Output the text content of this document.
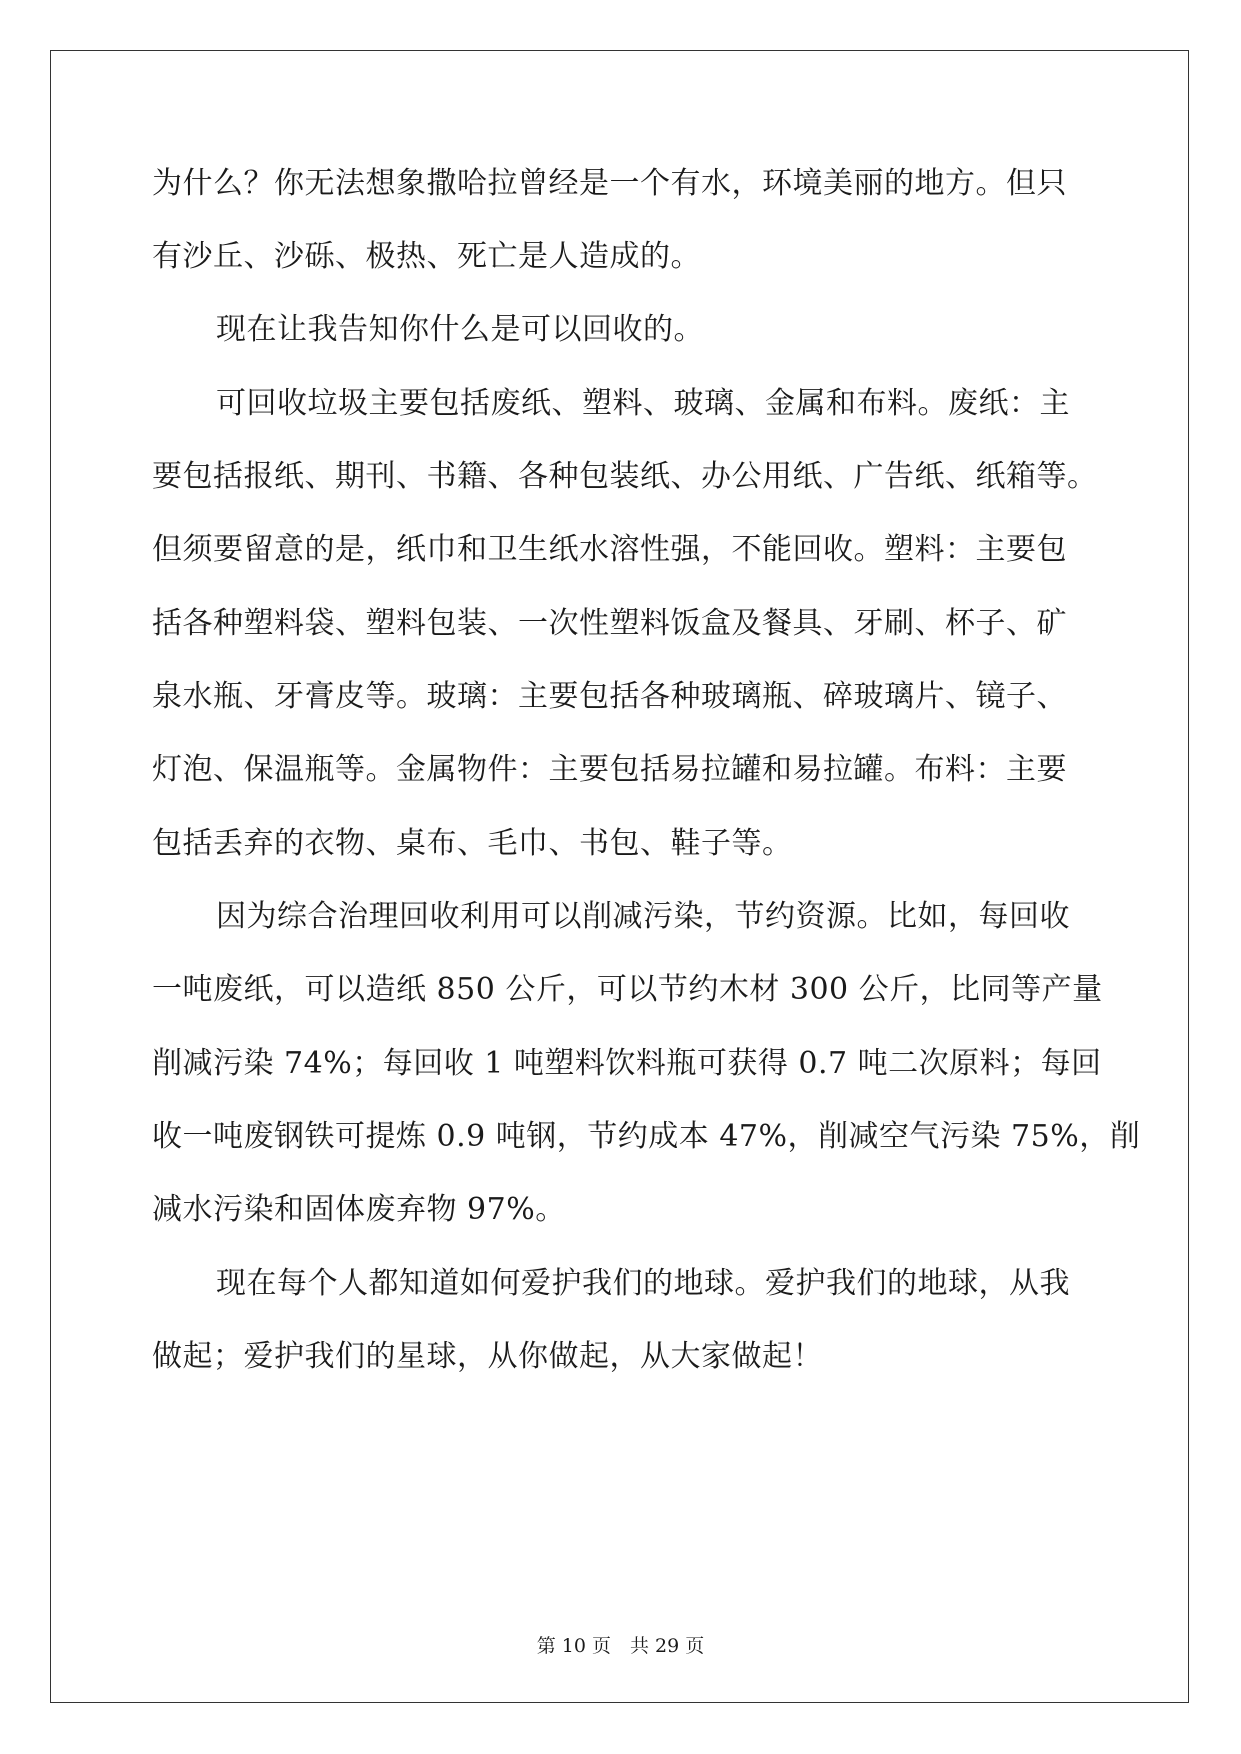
为什么？你无法想象撒哈拉曾经是一个有水，环境美丽的地方。但只
有沙丘、沙砾、极热、死亡是人造成的。
现在让我告知你什么是可以回收的。
可回收垃圾主要包括废纸、塑料、玻璃、金属和布料。废纸：主
要包括报纸、期刊、书籍、各种包装纸、办公用纸、广告纸、纸箱等。
但须要留意的是，纸巾和卫生纸水溶性强，不能回收。塑料：主要包
括各种塑料袋、塑料包装、一次性塑料饭盒及餐具、牙刷、杯子、矿
泉水瓶、牙膏皮等。玻璃：主要包括各种玻璃瓶、碎玻璃片、镜子、
灯泡、保温瓶等。金属物件：主要包括易拉罐和易拉罐。布料：主要
包括丢弃的衣物、桌布、毛巾、书包、鞋子等。
因为综合治理回收利用可以削减污染，节约资源。比如，每回收
一吨废纸，可以造纸 850 公斤，可以节约木材 300 公斤，比同等产量
削减污染 74%；每回收 1 吨塑料饮料瓶可获得 0.7 吨二次原料；每回
收一吨废钢铁可提炼 0.9 吨钢，节约成本 47%，削减空气污染 75%，削
减水污染和固体废弃物 97%。
现在每个人都知道如何爱护我们的地球。爱护我们的地球，从我
做起；爱护我们的星球，从你做起，从大家做起！
第 10 页　共 29 页
